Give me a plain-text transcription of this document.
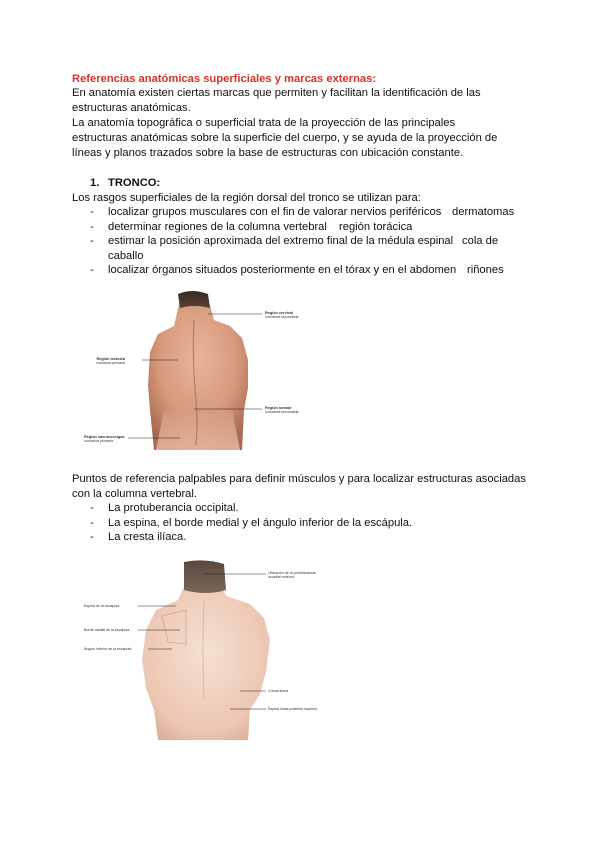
Referencias anatómicas superficiales y marcas externas:
En anatomía existen ciertas marcas que permiten y facilitan la identificación de las
estructuras anatómicas.
La anatomía topográfica o superficial trata de la proyección de las principales
estructuras anatómicas sobre la superficie del cuerpo, y se ayuda de la proyección de
líneas y planos trazados sobre la base de estructuras con ubicación constante.
1. TRONCO:
Los rasgos superficiales de la región dorsal del tronco se utilizan para:
- localizar grupos musculares con el fin de valorar nervios periféricos dermatomas
- determinar regiones de la columna vertebral región torácica
- estimar la posición aproximada del extremo final de la médula espinal cola de
caballo
- localizar órganos situados posteriormente en el tórax y en el abdomen riñones
Región cervical
curvatura secundaria
Región torácica
curvatura primaria
Región lumbar
curvatura secundaria
Región sacrococcígea
curvatura primaria
Puntos de referencia palpables para definir músculos y para localizar estructuras asociadas
con la columna vertebral.
- La protuberancia occipital.
- La espina, el borde medial y el ángulo inferior de la escápula.
- La cresta ilíaca.
Ubicación de la protuberancia
occipital externa
Espina de la escápula
Borde medial de la escápula
Ángulo inferior de la escápula
Cresta ilíaca
Espina ilíaca posterior superior
